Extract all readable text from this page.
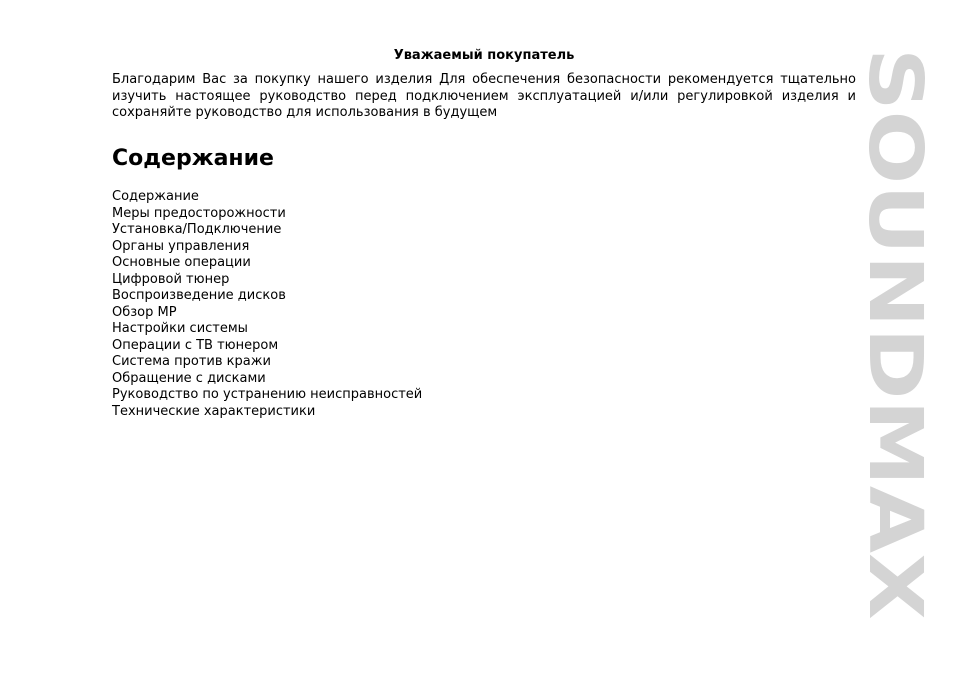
Уважаемый покупатель
Благодарим Вас за покупку нашего изделия Для обеспечения безопасности рекомендуется тщательно
изучить настоящее руководство перед подключением эксплуатацией и/или регулировкой изделия и
сохраняйте руководство для использования в будущем
Содержание
Содержание
Меры предосторожности
Установка/Подключение
Органы управления
Основные операции
Цифровой тюнер
Воспроизведение дисков
Обзор МР
Настройки системы
Операции с ТВ тюнером
Система против кражи
Обращение с дисками
Руководство по устранению неисправностей
Технические характеристики	SOUNDMAX
